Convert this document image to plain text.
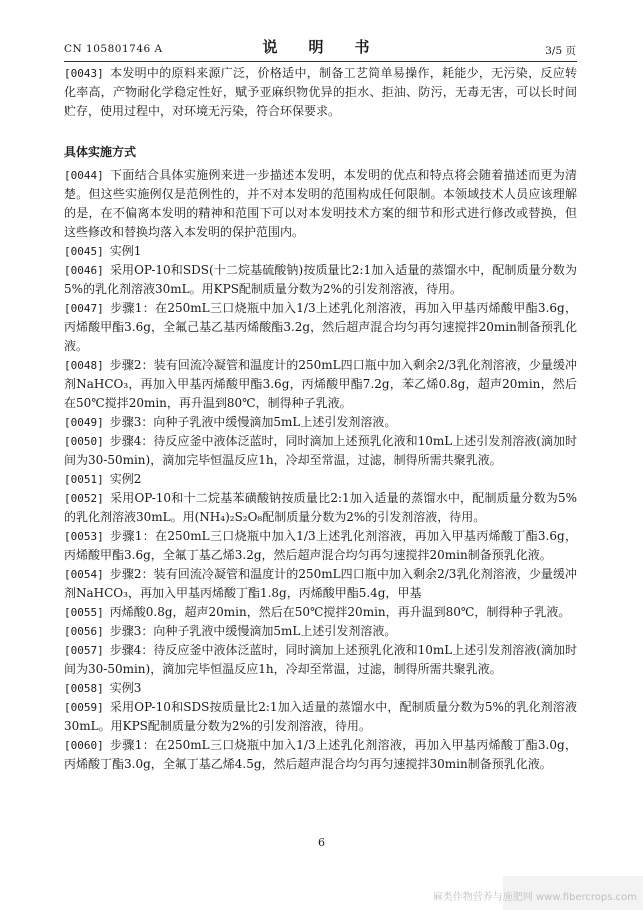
CN 105801746 A	说　明　书	3/5 页

[0043] 本发明中的原料来源广泛，价格适中，制备工艺简单易操作，耗能少，无污染，反应转化率高，产物耐化学稳定性好，赋予亚麻织物优异的拒水、拒油、防污，无毒无害，可以长时间贮存，使用过程中，对环境无污染，符合环保要求。

具体实施方式

[0044] 下面结合具体实施例来进一步描述本发明，本发明的优点和特点将会随着描述而更为清楚。但这些实施例仅是范例性的，并不对本发明的范围构成任何限制。本领域技术人员应该理解的是，在不偏离本发明的精神和范围下可以对本发明技术方案的细节和形式进行修改或替换，但这些修改和替换均落入本发明的保护范围内。

[0045] 实例1

[0046] 采用OP-10和SDS(十二烷基硫酸钠)按质量比2:1加入适量的蒸馏水中，配制质量分数为5%的乳化剂溶液30mL。用KPS配制质量分数为2%的引发剂溶液，待用。

[0047] 步骤1：在250mL三口烧瓶中加入1/3上述乳化剂溶液，再加入甲基丙烯酸甲酯3.6g，丙烯酸甲酯3.6g，全氟己基乙基丙烯酸酯3.2g，然后超声混合均匀再匀速搅拌20min制备预乳化液。

[0048] 步骤2：装有回流冷凝管和温度计的250mL四口瓶中加入剩余2/3乳化剂溶液，少量缓冲剂NaHCO₃，再加入甲基丙烯酸甲酯3.6g，丙烯酸甲酯7.2g，苯乙烯0.8g，超声20min，然后在50℃搅拌20min，再升温到80℃，制得种子乳液。

[0049] 步骤3：向种子乳液中缓慢滴加5mL上述引发剂溶液。

[0050] 步骤4：待反应釜中液体泛蓝时，同时滴加上述预乳化液和10mL上述引发剂溶液(滴加时间为30-50min)，滴加完毕恒温反应1h，冷却至常温，过滤，制得所需共聚乳液。

[0051] 实例2

[0052] 采用OP-10和十二烷基苯磺酸钠按质量比2:1加入适量的蒸馏水中，配制质量分数为5%的乳化剂溶液30mL。用(NH₄)₂S₂O₈配制质量分数为2%的引发剂溶液，待用。

[0053] 步骤1：在250mL三口烧瓶中加入1/3上述乳化剂溶液，再加入甲基丙烯酸丁酯3.6g，丙烯酸甲酯3.6g，全氟丁基乙烯3.2g，然后超声混合均匀再匀速搅拌20min制备预乳化液。

[0054] 步骤2：装有回流冷凝管和温度计的250mL四口瓶中加入剩余2/3乳化剂溶液，少量缓冲剂NaHCO₃，再加入甲基丙烯酸丁酯1.8g，丙烯酸甲酯5.4g，甲基

[0055] 丙烯酸0.8g，超声20min，然后在50℃搅拌20min，再升温到80℃，制得种子乳液。

[0056] 步骤3：向种子乳液中缓慢滴加5mL上述引发剂溶液。

[0057] 步骤4：待反应釜中液体泛蓝时，同时滴加上述预乳化液和10mL上述引发剂溶液(滴加时间为30-50min)，滴加完毕恒温反应1h，冷却至常温，过滤，制得所需共聚乳液。

[0058] 实例3

[0059] 采用OP-10和SDS按质量比2:1加入适量的蒸馏水中，配制质量分数为5%的乳化剂溶液30mL。用KPS配制质量分数为2%的引发剂溶液，待用。

[0060] 步骤1：在250mL三口烧瓶中加入1/3上述乳化剂溶液，再加入甲基丙烯酸丁酯3.0g，丙烯酸丁酯3.0g，全氟丁基乙烯4.5g，然后超声混合均匀再匀速搅拌30min制备预乳化液。

6
麻类作物营养与施肥网 www.fibercrops.com
